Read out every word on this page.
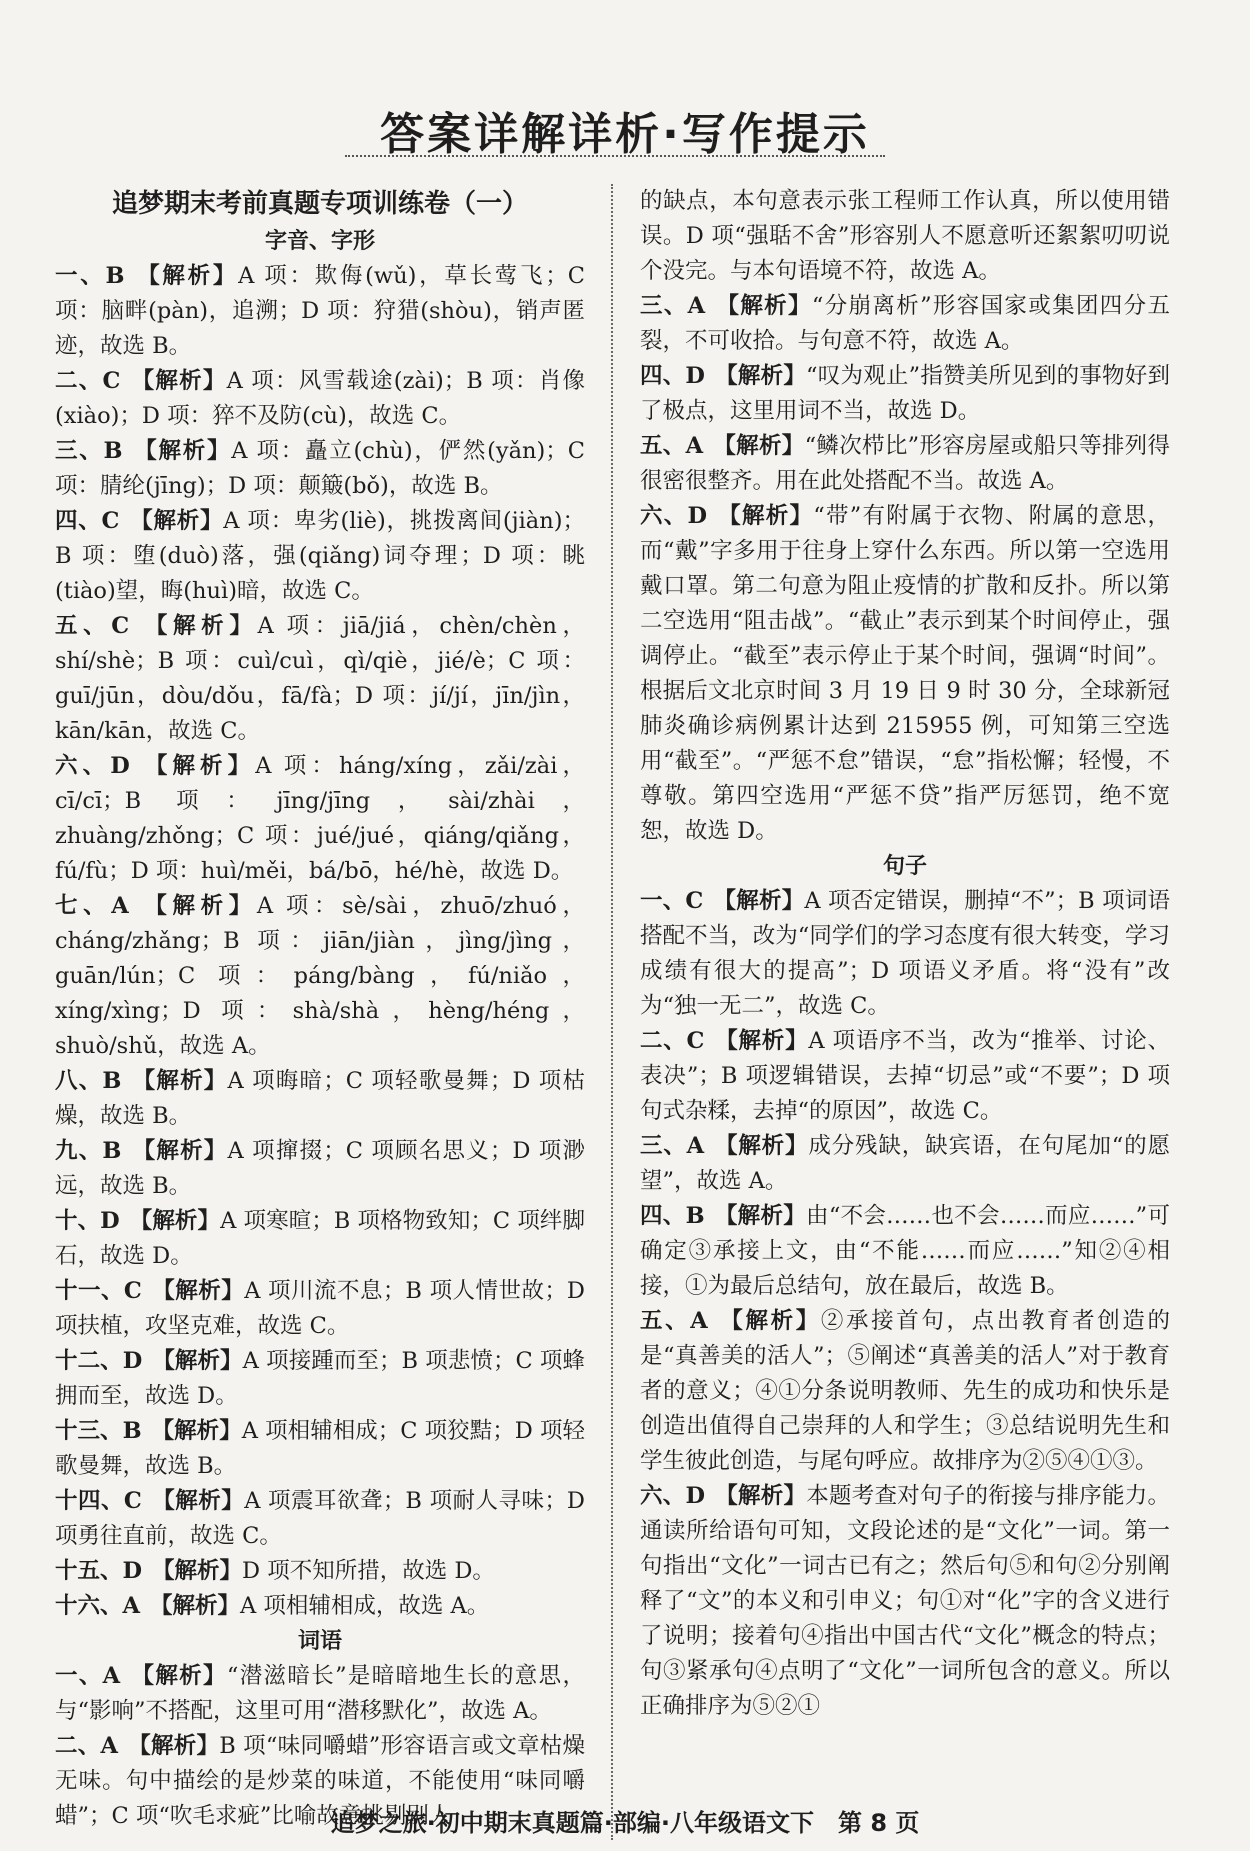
答案详解详析·写作提示
追梦期末考前真题专项训练卷（一）
字音、字形

一、B 【解析】A 项：欺侮(wǔ)，草长莺飞；C 项：脑畔(pàn)，追溯；D 项：狩猎(shòu)，销声匿迹，故选 B。

二、C 【解析】A 项：风雪载途(zài)；B 项：肖像(xiào)；D 项：猝不及防(cù)，故选 C。

三、B 【解析】A 项：矗立(chù)，俨然(yǎn)；C 项：腈纶(jīng)；D 项：颠簸(bǒ)，故选 B。

四、C 【解析】A 项：卑劣(liè)，挑拨离间(jiàn)；B 项：堕(duò)落，强(qiǎng)词夺理；D 项：眺(tiào)望，晦(huì)暗，故选 C。

五、C 【解析】A 项：jiā/jiá，chèn/chèn，shí/shè；B 项：cuì/cuì，qì/qiè，jié/è；C 项：guī/jūn，dòu/dǒu，fā/fà；D 项：jí/jí，jīn/jìn，kān/kān，故选 C。

六、D 【解析】A 项：háng/xíng，zǎi/zài，cī/cī；B 项：jīng/jīng，sài/zhài，zhuàng/zhǒng；C 项：jué/jué，qiáng/qiǎng，fú/fù；D 项：huì/měi，bá/bō，hé/hè，故选 D。

七、A 【解析】A 项：sè/sài，zhuō/zhuó，cháng/zhǎng；B 项：jiān/jiàn，jìng/jìng，guān/lún；C 项：páng/bàng，fú/niǎo，xíng/xìng；D 项：shà/shà，hèng/héng，shuò/shǔ，故选 A。

八、B 【解析】A 项晦暗；C 项轻歌曼舞；D 项枯燥，故选 B。

九、B 【解析】A 项撺掇；C 项顾名思义；D 项渺远，故选 B。

十、D 【解析】A 项寒暄；B 项格物致知；C 项绊脚石，故选 D。

十一、C 【解析】A 项川流不息；B 项人情世故；D 项扶植，攻坚克难，故选 C。

十二、D 【解析】A 项接踵而至；B 项悲愤；C 项蜂拥而至，故选 D。

十三、B 【解析】A 项相辅相成；C 项狡黠；D 项轻歌曼舞，故选 B。

十四、C 【解析】A 项震耳欲聋；B 项耐人寻味；D 项勇往直前，故选 C。

十五、D 【解析】D 项不知所措，故选 D。

十六、A 【解析】A 项相辅相成，故选 A。

词语

一、A 【解析】“潜滋暗长”是暗暗地生长的意思，与“影响”不搭配，这里可用“潜移默化”，故选 A。

二、A 【解析】B 项“味同嚼蜡”形容语言或文章枯燥无味。句中描绘的是炒菜的味道，不能使用“味同嚼蜡”；C 项“吹毛求疵”比喻故意挑剔别人

的缺点，本句意表示张工程师工作认真，所以使用错误。D 项“强聒不舍”形容别人不愿意听还絮絮叨叨说个没完。与本句语境不符，故选 A。

三、A 【解析】“分崩离析”形容国家或集团四分五裂，不可收拾。与句意不符，故选 A。

四、D 【解析】“叹为观止”指赞美所见到的事物好到了极点，这里用词不当，故选 D。

五、A 【解析】“鳞次栉比”形容房屋或船只等排列得很密很整齐。用在此处搭配不当。故选 A。

六、D 【解析】“带”有附属于衣物、附属的意思，而“戴”字多用于往身上穿什么东西。所以第一空选用戴口罩。第二句意为阻止疫情的扩散和反扑。所以第二空选用“阻击战”。“截止”表示到某个时间停止，强调停止。“截至”表示停止于某个时间，强调“时间”。根据后文北京时间 3 月 19 日 9 时 30 分，全球新冠肺炎确诊病例累计达到 215955 例，可知第三空选用“截至”。“严惩不怠”错误，“怠”指松懈；轻慢，不尊敬。第四空选用“严惩不贷”指严厉惩罚，绝不宽恕，故选 D。

句子

一、C 【解析】A 项否定错误，删掉“不”；B 项词语搭配不当，改为“同学们的学习态度有很大转变，学习成绩有很大的提高”；D 项语义矛盾。将“没有”改为“独一无二”，故选 C。

二、C 【解析】A 项语序不当，改为“推举、讨论、表决”；B 项逻辑错误，去掉“切忌”或“不要”；D 项句式杂糅，去掉“的原因”，故选 C。

三、A 【解析】成分残缺，缺宾语，在句尾加“的愿望”，故选 A。

四、B 【解析】由“不会……也不会……而应……”可确定③承接上文，由“不能……而应……”知②④相接，①为最后总结句，放在最后，故选 B。

五、A 【解析】②承接首句，点出教育者创造的是“真善美的活人”；⑤阐述“真善美的活人”对于教育者的意义；④①分条说明教师、先生的成功和快乐是创造出值得自己崇拜的人和学生；③总结说明先生和学生彼此创造，与尾句呼应。故排序为②⑤④①③。

六、D 【解析】本题考查对句子的衔接与排序能力。通读所给语句可知，文段论述的是“文化”一词。第一句指出“文化”一词古已有之；然后句⑤和句②分别阐释了“文”的本义和引申义；句①对“化”字的含义进行了说明；接着句④指出中国古代“文化”概念的特点；句③紧承句④点明了“文化”一词所包含的意义。所以正确排序为⑤②①

追梦之旅·初中期末真题篇·部编·八年级语文下　第 8 页
